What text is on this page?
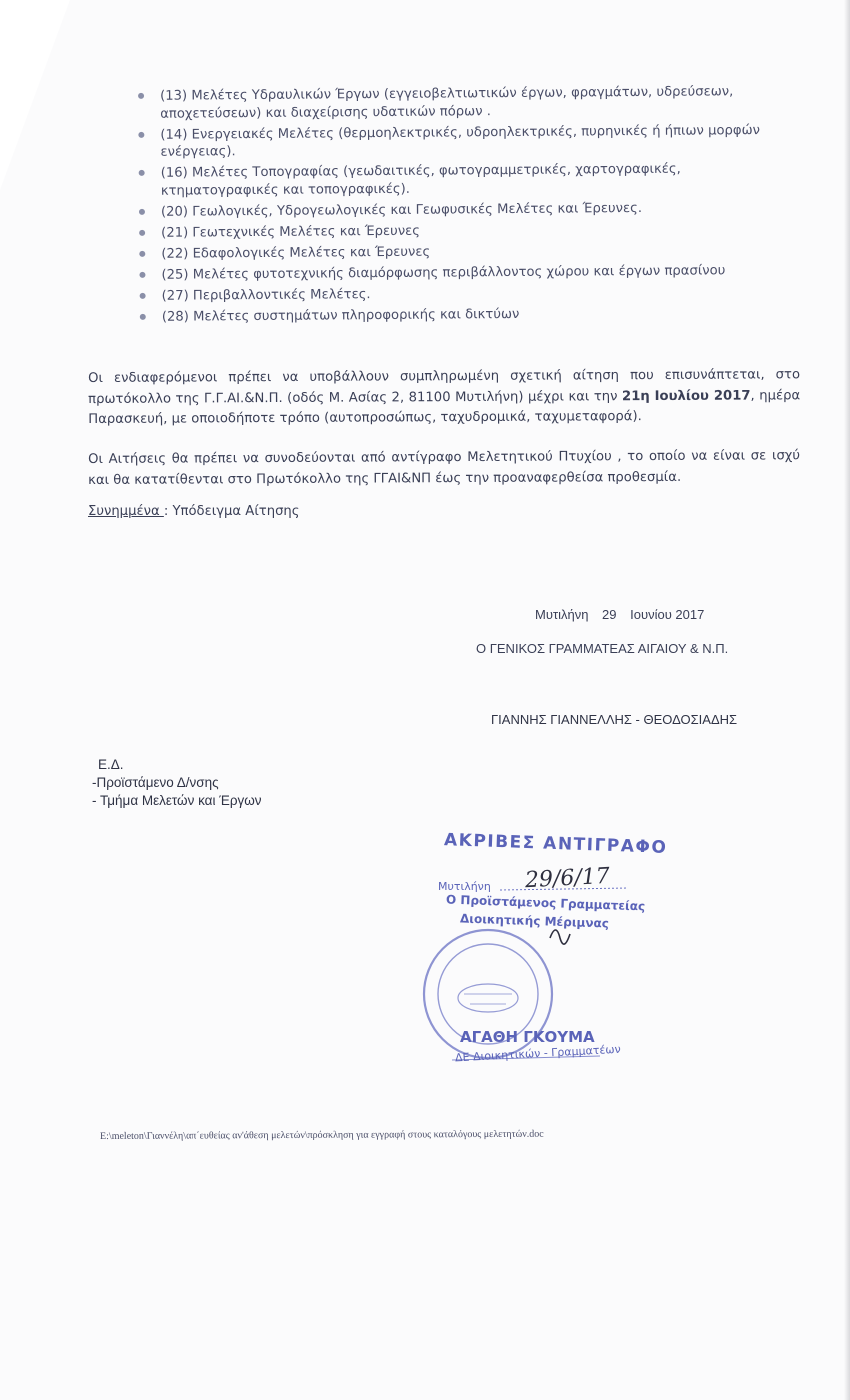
(13) Μελέτες Υδραυλικών Έργων (εγγειοβελτιωτικών έργων, φραγμάτων, υδρεύσεων,
αποχετεύσεων) και διαχείρισης υδατικών πόρων .
(14) Ενεργειακές Μελέτες (θερμοηλεκτρικές, υδροηλεκτρικές, πυρηνικές ή ήπιων μορφών
ενέργειας).
(16) Μελέτες Τοπογραφίας (γεωδαιτικές, φωτογραμμετρικές, χαρτογραφικές,
κτηματογραφικές και τοπογραφικές).
(20) Γεωλογικές, Υδρογεωλογικές και Γεωφυσικές Μελέτες και Έρευνες.
(21) Γεωτεχνικές Μελέτες και Έρευνες
(22) Εδαφολογικές Μελέτες και Έρευνες
(25) Μελέτες φυτοτεχνικής διαμόρφωσης περιβάλλοντος χώρου και έργων πρασίνου
(27) Περιβαλλοντικές Μελέτες.
(28) Μελέτες συστημάτων πληροφορικής και δικτύων

Οι ενδιαφερόμενοι πρέπει να υποβάλλουν συμπληρωμένη σχετική αίτηση που επισυνάπτεται, στο πρωτόκολλο της Γ.Γ.ΑΙ.&Ν.Π. (οδός Μ. Ασίας 2, 81100 Μυτιλήνη) μέχρι και την 21η Ιουλίου 2017, ημέρα Παρασκευή, με οποιοδήποτε τρόπο (αυτοπροσώπως, ταχυδρομικά, ταχυμεταφορά).

Οι Αιτήσεις θα πρέπει να συνοδεύονται από αντίγραφο Μελετητικού Πτυχίου , το οποίο να είναι σε ισχύ και θα κατατίθενται στο Πρωτόκολλο της ΓΓΑΙ&ΝΠ έως την προαναφερθείσα προθεσμία.

Συνημμένα : Υπόδειγμα Αίτησης
Μυτιλήνη 29 Ιουνίου 2017
Ο ΓΕΝΙΚΟΣ ΓΡΑΜΜΑΤΕΑΣ ΑΙΓΑΙΟΥ & Ν.Π.
ΓΙΑΝΝΗΣ ΓΙΑΝΝΕΛΛΗΣ - ΘΕΟΔΟΣΙΑΔΗΣ
Ε.Δ.
-Προϊστάμενο Δ/νσης
- Τμήμα Μελετών και Έργων
ΑΚΡΙΒΕΣ ΑΝΤΙΓΡΑΦΟ
Μυτιλήνη 29/6/17
Ο Προϊστάμενος Γραμματείας
Διοικητικής Μέριμνας
ΑΓΑΘΗ ΓΚΟΥΜΑ
ΔΕ Διοικητικών - Γραμματέων
E:\meleton\Γιαννέλη\απ΄ευθείας αν'άθεση μελετών\πρόσκληση για εγγραφή στους καταλόγους μελετητών.doc
